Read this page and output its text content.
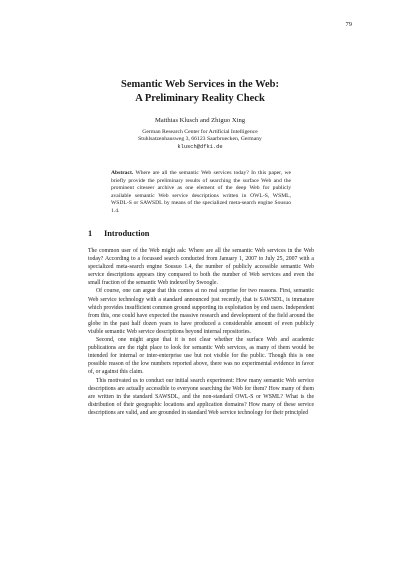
79
Semantic Web Services in the Web:
A Preliminary Reality Check
Matthias Klusch and Zhiguo Xing
German Research Center for Artificial Intelligence
Stuhlsatzenhausweg 3, 66123 Saarbruecken, Germany
klusch@dfki.de
Abstract. Where are all the semantic Web services today? In this paper, we briefly provide the preliminary results of searching the surface Web and the prominent citeseer archive as one element of the deep Web for publicly available semantic Web service descriptions written in OWL-S, WSML, WSDL-S or SAWSDL by means of the specialized meta-search engine Sousuo 1.4.
1 Introduction

The common user of the Web might ask: Where are all the semantic Web services in the Web today? According to a focussed search conducted from January 1, 2007 to July 25, 2007 with a specialized meta-search engine Sousuo 1.4, the number of publicly accessible semantic Web service descriptions appears tiny compared to both the number of Web services and even the small fraction of the semantic Web indexed by Swoogle.

Of course, one can argue that this comes at no real surprise for two reasons. First, semantic Web service technology with a standard announced just recently, that is SAWSDL, is immature which provides insufficient common ground supporting its exploitation by end users. Independent from this, one could have expected the massive research and development of the field around the globe in the past half dozen years to have produced a considerable amount of even publicly visible semantic Web service descriptions beyond internal repositories.

Second, one might argue that it is not clear whether the surface Web and academic publications are the right place to look for semantic Web services, as many of them would be intended for internal or inter-enterprise use but not visible for the public. Though this is one possible reason of the low numbers reported above, there was no experimental evidence in favor of, or against this claim.

This motivated us to conduct our initial search experiment: How many semantic Web service descriptions are actually accessible to everyone searching the Web for them? How many of them are written in the standard SAWSDL, and the non-standard OWL-S or WSML? What is the distribution of their geographic locations and application domains? How many of these service descriptions are valid, and are grounded in standard Web service technology for their principled
